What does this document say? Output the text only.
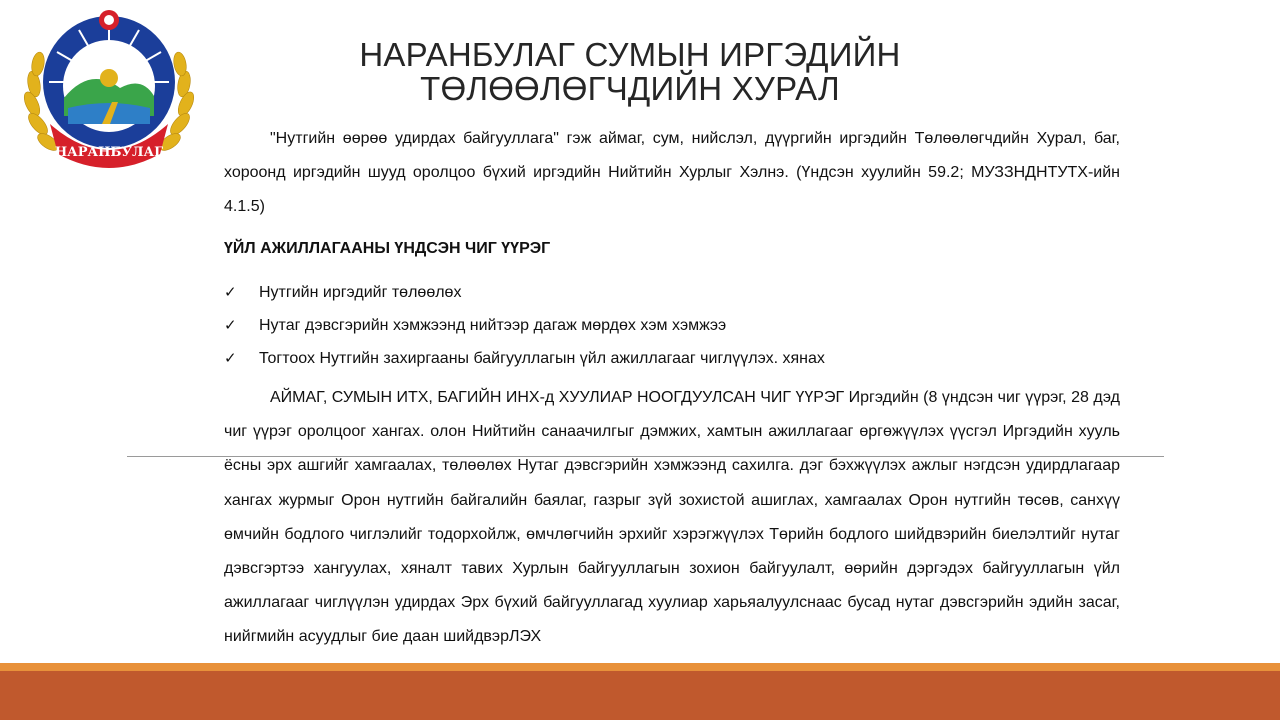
НАРАНБУЛАГ
НАРАНБУЛАГ СУМЫН ИРГЭДИЙН
ТӨЛӨӨЛӨГЧДИЙН ХУРАЛ

"Нутгийн өөрөө удирдах байгууллага" гэж аймаг, сум, нийслэл, дүүргийн иргэдийн Төлөөлөгчдийн Хурал, баг, хороонд иргэдийн шууд оролцоо бүхий иргэдийн Нийтийн Хурлыг Хэлнэ. (Үндсэн хуулийн 59.2; МУЗЗНДНТУТХ-ийн 4.1.5)

ҮЙЛ АЖИЛЛАГААНЫ ҮНДСЭН ЧИГ ҮҮРЭГ
✓ Нутгийн иргэдийг төлөөлөх
✓ Нутаг дэвсгэрийн хэмжээнд нийтээр дагаж мөрдөх хэм хэмжээ
✓ Тогтоох Нутгийн захиргааны байгууллагын үйл ажиллагааг чиглүүлэх. хянах

АЙМАГ, СУМЫН ИТХ, БАГИЙН ИНХ-д ХУУЛИАР НООГДУУЛСАН ЧИГ ҮҮРЭГ Иргэдийн (8 үндсэн чиг үүрэг, 28 дэд чиг үүрэг оролцоог хангах. олон Нийтийн санаачилгыг дэмжих, хамтын ажиллагааг өргөжүүлэх үүсгэл Иргэдийн хууль ёсны эрх ашгийг хамгаалах, төлөөлөх Нутаг дэвсгэрийн хэмжээнд сахилга. дэг бэхжүүлэх ажлыг нэгдсэн удирдлагаар хангах журмыг Орон нутгийн байгалийн баялаг, газрыг зүй зохистой ашиглах, хамгаалах Орон нутгийн төсөв, санхүү өмчийн бодлого чиглэлийг тодорхойлж, өмчлөгчийн эрхийг хэрэгжүүлэх Төрийн бодлого шийдвэрийн биелэлтийг нутаг дэвсгэртээ хангуулах, хяналт тавих Хурлын байгууллагын зохион байгуулалт, өөрийн дэргэдэх байгууллагын үйл ажиллагааг чиглүүлэн удирдах Эрх бүхий байгууллагад хуулиар харьяалуулснаас бусад нутаг дэвсгэрийн эдийн засаг, нийгмийн асуудлыг бие даан шийдвэрЛЭХ
